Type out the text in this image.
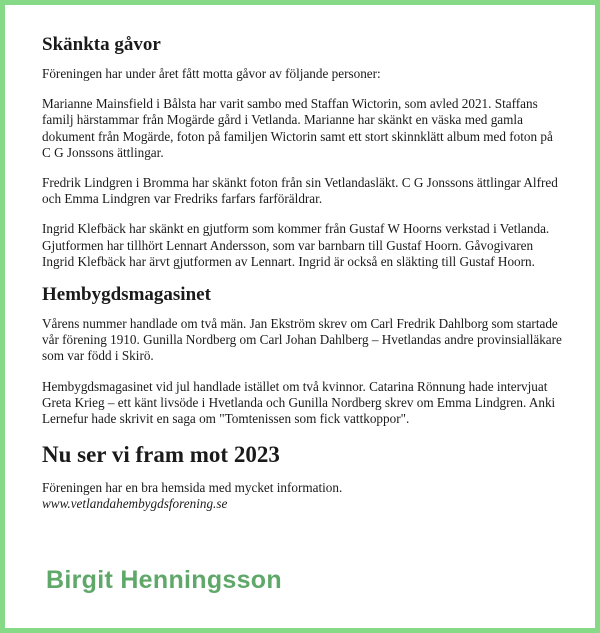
Skänkta gåvor

Föreningen har under året fått motta gåvor av följande personer:

Marianne Mainsfield i Bålsta har varit sambo med Staffan Wictorin, som avled 2021. Staffans familj härstammar från Mogärde gård i Vetlanda. Marianne har skänkt en väska med gamla dokument från Mogärde, foton på familjen Wictorin samt ett stort skinnklätt album med foton på C G Jonssons ättlingar.

Fredrik Lindgren i Bromma har skänkt foton från sin Vetlandasläkt. C G Jonssons ättlingar Alfred och Emma Lindgren var Fredriks farfars farföräldrar.

Ingrid Klefbäck har skänkt en gjutform som kommer från Gustaf W Hoorns verkstad i Vetlanda. Gjutformen har tillhört Lennart Andersson, som var barnbarn till Gustaf Hoorn. Gåvogivaren Ingrid Klefbäck har ärvt gjutformen av Lennart. Ingrid är också en släkting till Gustaf Hoorn.

Hembygdsmagasinet

Vårens nummer handlade om två män. Jan Ekström skrev om Carl Fredrik Dahlborg som startade vår förening 1910. Gunilla Nordberg om Carl Johan Dahlberg – Hvetlandas andre provinsialläkare som var född i Skirö.

Hembygdsmagasinet vid jul handlade istället om två kvinnor. Catarina Rönnung hade intervjuat Greta Krieg – ett känt livsöde i Hvetlanda och Gunilla Nordberg skrev om Emma Lindgren. Anki Lernefur hade skrivit en saga om "Tomtenissen som fick vattkoppor".

Nu ser vi fram mot 2023

Föreningen har en bra hemsida med mycket information.
www.vetlandahembygdsforening.se

Birgit Henningsson
